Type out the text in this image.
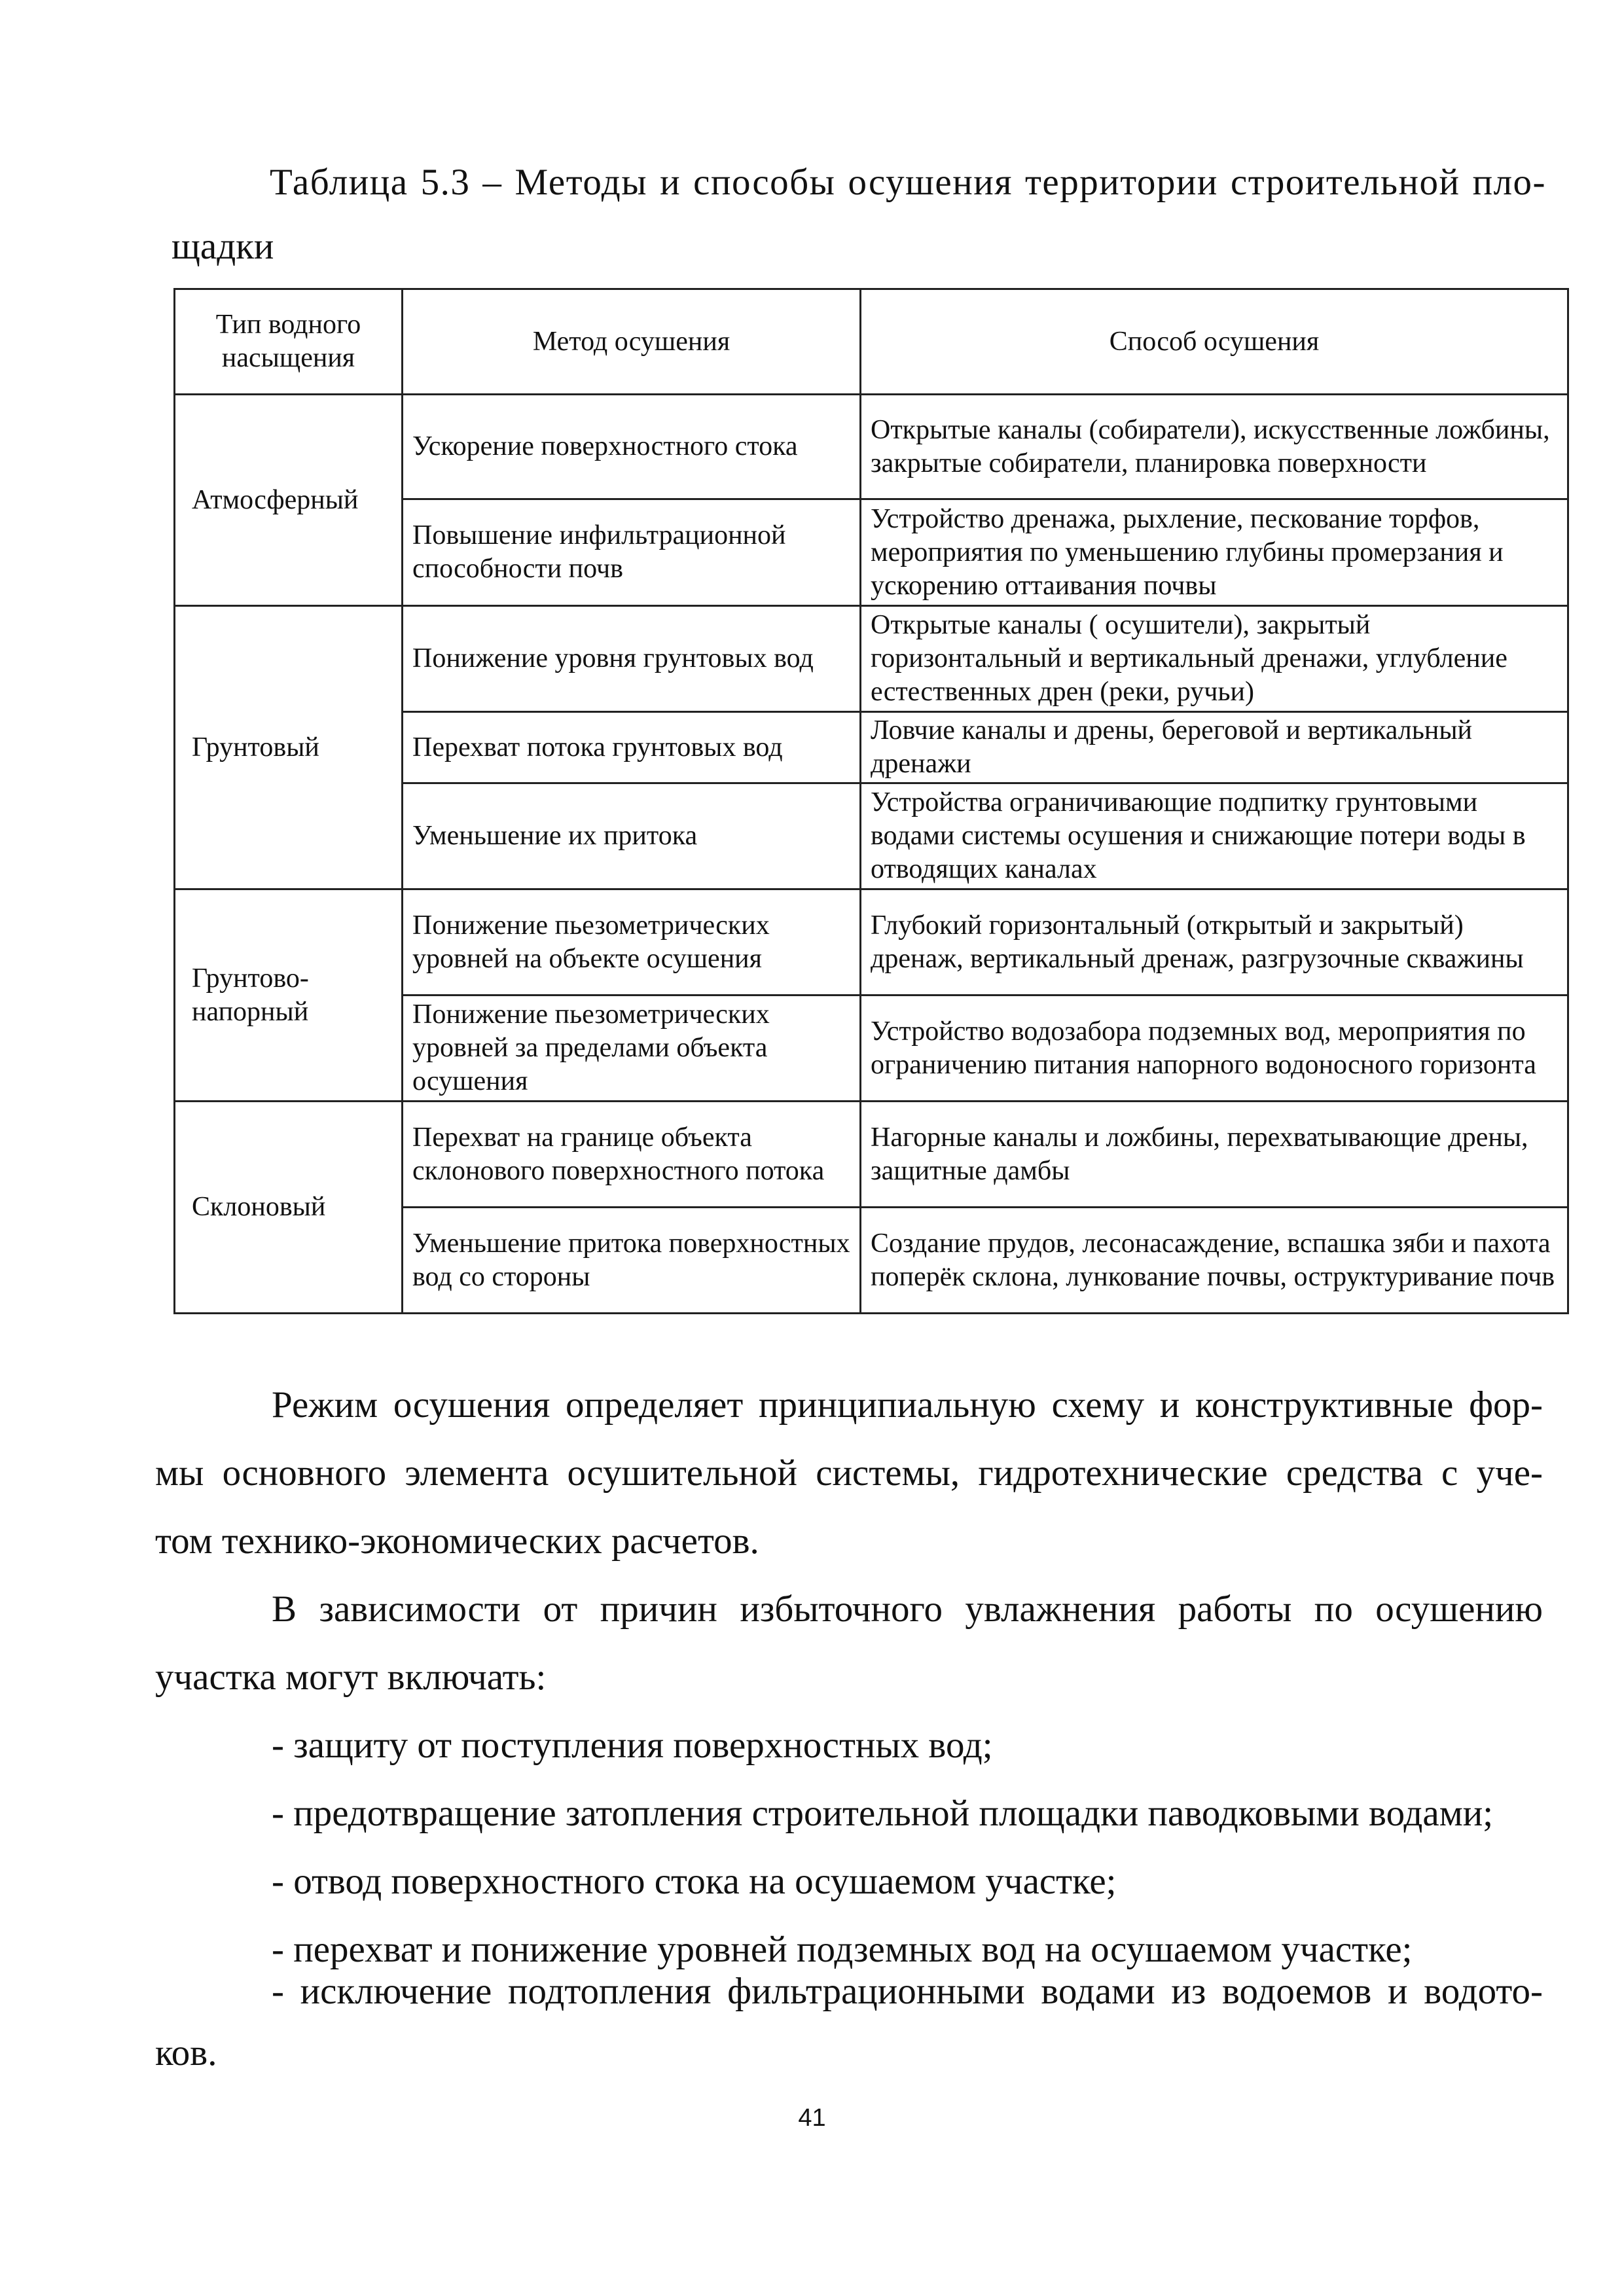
Таблица 5.3 – Методы и способы осушения территории строительной пло-
щадки
Тип водного насыщения	Метод осушения	Способ осушения
Атмосферный	Ускорение поверхностного стока	Открытые каналы (собиратели), искусственные ложбины, закрытые собиратели, планировка поверхности
	Повышение инфильтрационной способности почв	Устройство дренажа, рыхление, пескование торфов, мероприятия по уменьшению глубины промерзания и ускорению оттаивания почвы
Грунтовый	Понижение уровня грунтовых вод	Открытые каналы ( осушители), закрытый горизонтальный и вертикальный дренажи, углубление естественных дрен (реки, ручьи)
	Перехват потока грунтовых вод	Ловчие каналы и дрены, береговой и вертикальный дренажи
	Уменьшение их притока	Устройства ограничивающие подпитку грунтовыми водами системы осушения и снижающие потери воды в отводящих каналах
Грунтово-напорный	Понижение пьезометрических уровней на объекте осушения	Глубокий горизонтальный (открытый и закрытый) дренаж, вертикальный дренаж, разгрузочные скважины
	Понижение пьезометрических уровней за пределами объекта осушения	Устройство водозабора подземных вод, мероприятия по ограничению питания напорного водоносного горизонта
Склоновый	Перехват на границе объекта склонового поверхностного потока	Нагорные каналы и ложбины, перехватывающие дрены, защитные дамбы
	Уменьшение притока поверхностных вод со стороны	Создание прудов, лесонасаждение, вспашка зяби и пахота поперёк склона, лункование почвы, оструктуривание почв
Режим осушения определяет принципиальную схему и конструктивные фор-
мы основного элемента осушительной системы, гидротехнические средства с уче-
том технико-экономических расчетов.
В зависимости от причин избыточного увлажнения работы по осушению
участка могут включать:
- защиту от поступления поверхностных вод;
- предотвращение затопления строительной площадки паводковыми водами;
- отвод поверхностного стока на осушаемом участке;
- перехват и понижение уровней подземных вод на осушаемом участке;
- исключение подтопления фильтрационными водами из водоемов и водото-
ков.
41
